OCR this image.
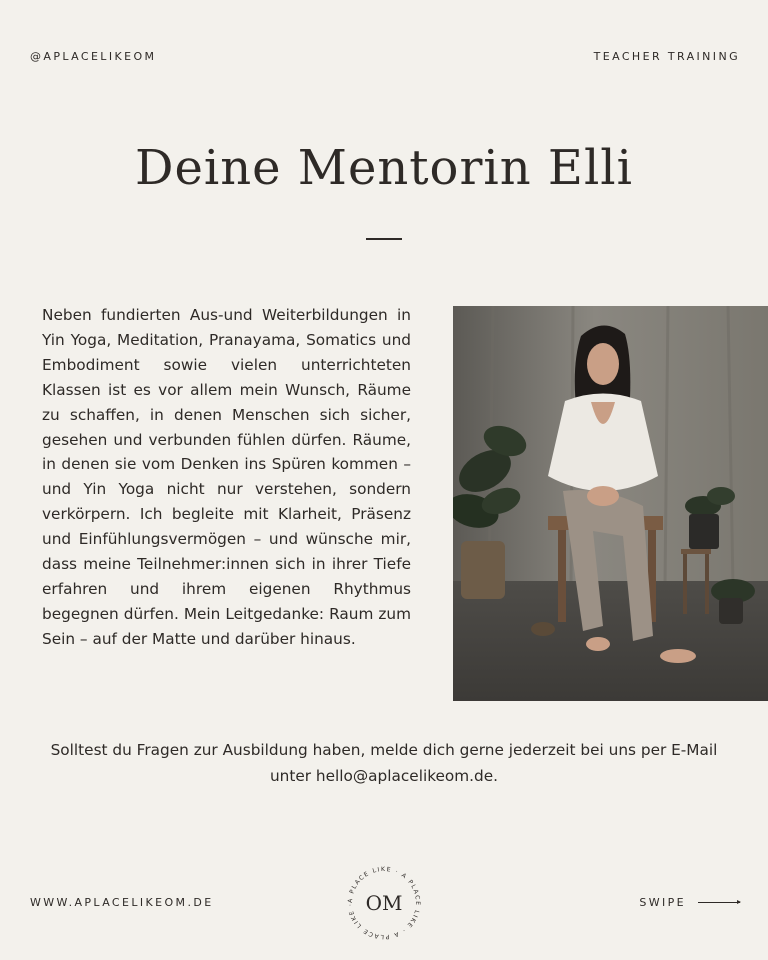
@APLACELIKEOM	TEACHER TRAINING
Deine Mentorin Elli

Neben fundierten Aus-und Weiterbildungen in Yin Yoga, Meditation, Pranayama, Somatics und Embodiment sowie vielen unterrichteten Klassen ist es vor allem mein Wunsch, Räume zu schaffen, in denen Menschen sich sicher, gesehen und verbunden fühlen dürfen. Räume, in denen sie vom Denken ins Spüren kommen – und Yin Yoga nicht nur verstehen, sondern verkörpern. Ich begleite mit Klarheit, Präsenz und Einfühlungsvermögen – und wünsche mir, dass meine Teilnehmer:innen sich in ihrer Tiefe erfahren und ihrem eigenen Rhythmus begegnen dürfen. Mein Leitgedanke: Raum zum Sein – auf der Matte und darüber hinaus.

Solltest du Fragen zur Ausbildung haben, melde dich gerne jederzeit bei uns per E-Mail unter hello@aplacelikeom.de.

WWW.APLACELIKEOM.DE	A PLACE LIKE · A PLACE LIKE · A PLACE LIKE · OM	SWIPE
